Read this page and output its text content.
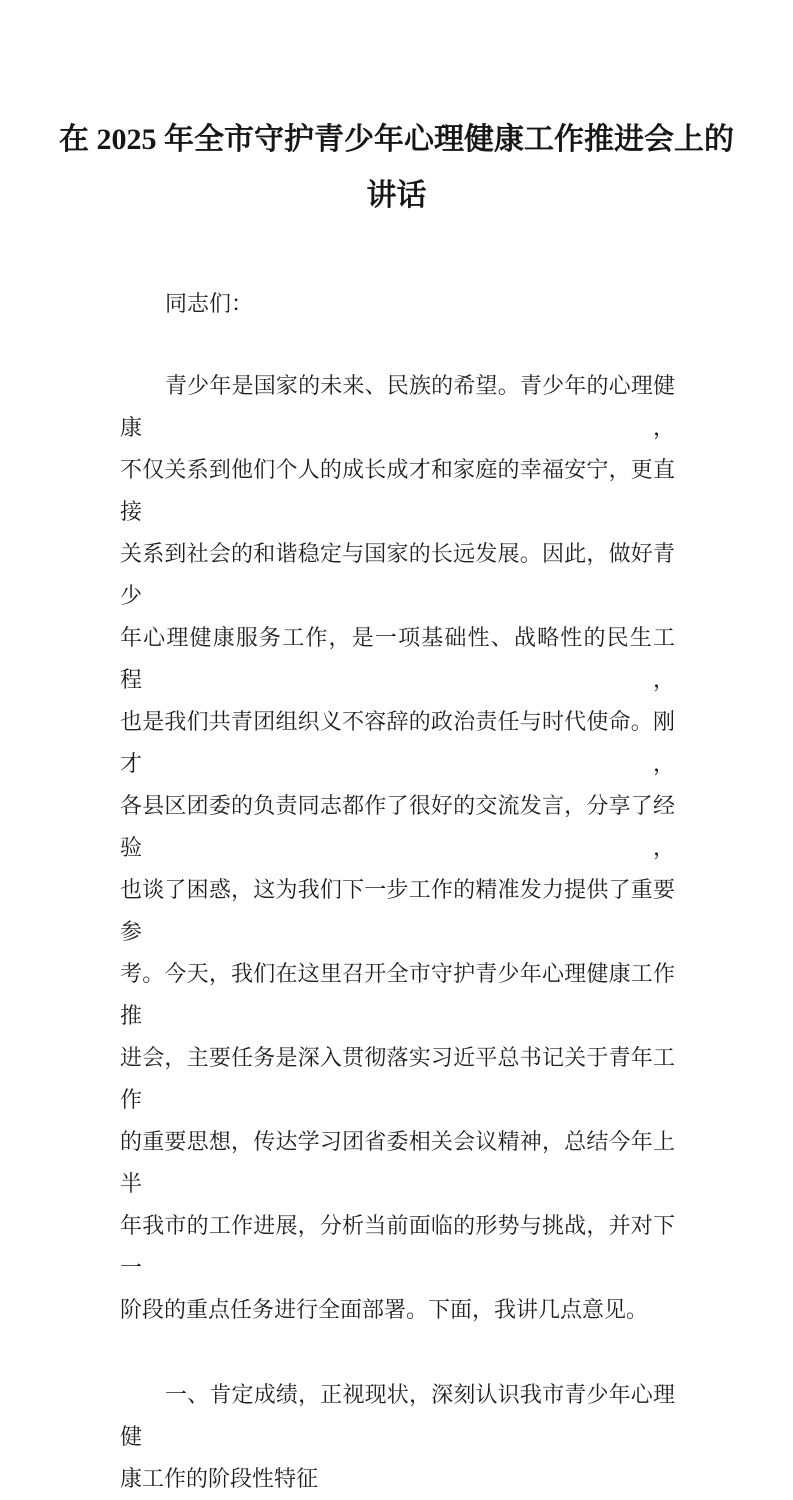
在 2025 年全市守护青少年心理健康工作推进会上的
讲话
同志们：
青少年是国家的未来、民族的希望。青少年的心理健康，
不仅关系到他们个人的成长成才和家庭的幸福安宁，更直接
关系到社会的和谐稳定与国家的长远发展。因此，做好青少
年心理健康服务工作，是一项基础性、战略性的民生工程，
也是我们共青团组织义不容辞的政治责任与时代使命。刚才，
各县区团委的负责同志都作了很好的交流发言，分享了经验，
也谈了困惑，这为我们下一步工作的精准发力提供了重要参
考。今天，我们在这里召开全市守护青少年心理健康工作推
进会，主要任务是深入贯彻落实习近平总书记关于青年工作
的重要思想，传达学习团省委相关会议精神，总结今年上半
年我市的工作进展，分析当前面临的形势与挑战，并对下一
阶段的重点任务进行全面部署。下面，我讲几点意见。
一、肯定成绩，正视现状，深刻认识我市青少年心理健
康工作的阶段性特征
